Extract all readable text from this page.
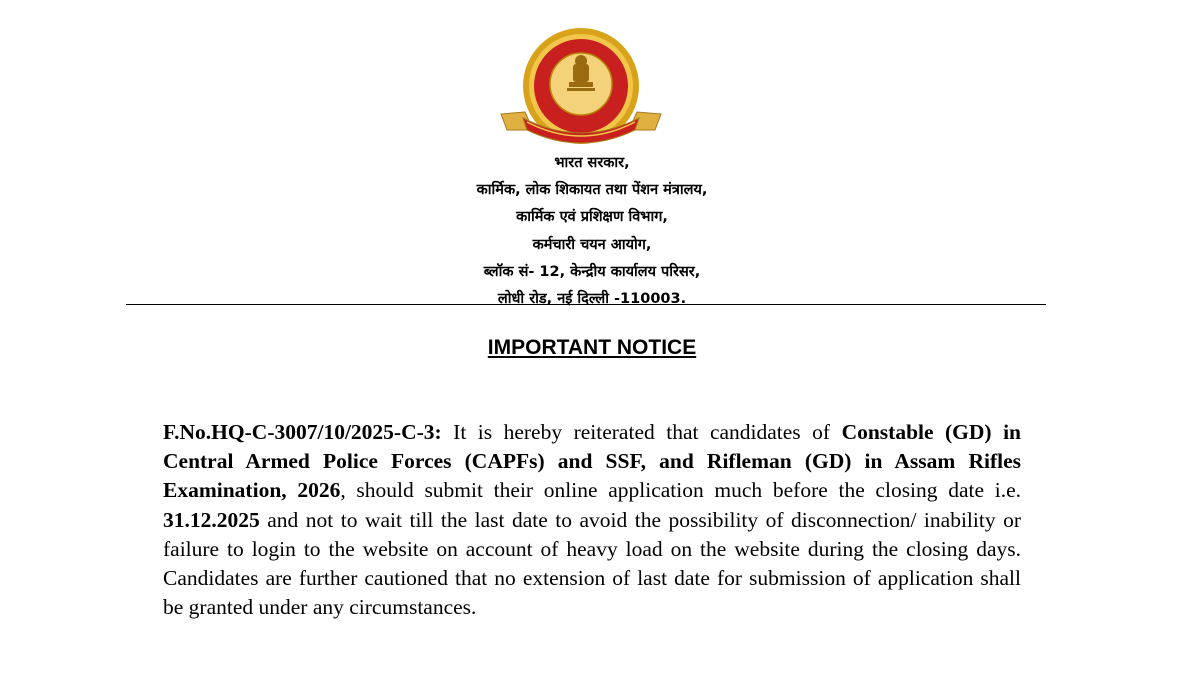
भारत सरकार,
कार्मिक, लोक शिकायत तथा पेंशन मंत्रालय,
कार्मिक एवं प्रशिक्षण विभाग,
कर्मचारी चयन आयोग,
ब्लॉक सं- 12, केन्द्रीय कार्यालय परिसर,
लोधी रोड, नई दिल्ली -110003.
IMPORTANT NOTICE
F.No.HQ-C-3007/10/2025-C-3: It is hereby reiterated that candidates of Constable (GD) in Central Armed Police Forces (CAPFs) and SSF, and Rifleman (GD) in Assam Rifles Examination, 2026, should submit their online application much before the closing date i.e. 31.12.2025 and not to wait till the last date to avoid the possibility of disconnection/ inability or failure to login to the website on account of heavy load on the website during the closing days. Candidates are further cautioned that no extension of last date for submission of application shall be granted under any circumstances.
